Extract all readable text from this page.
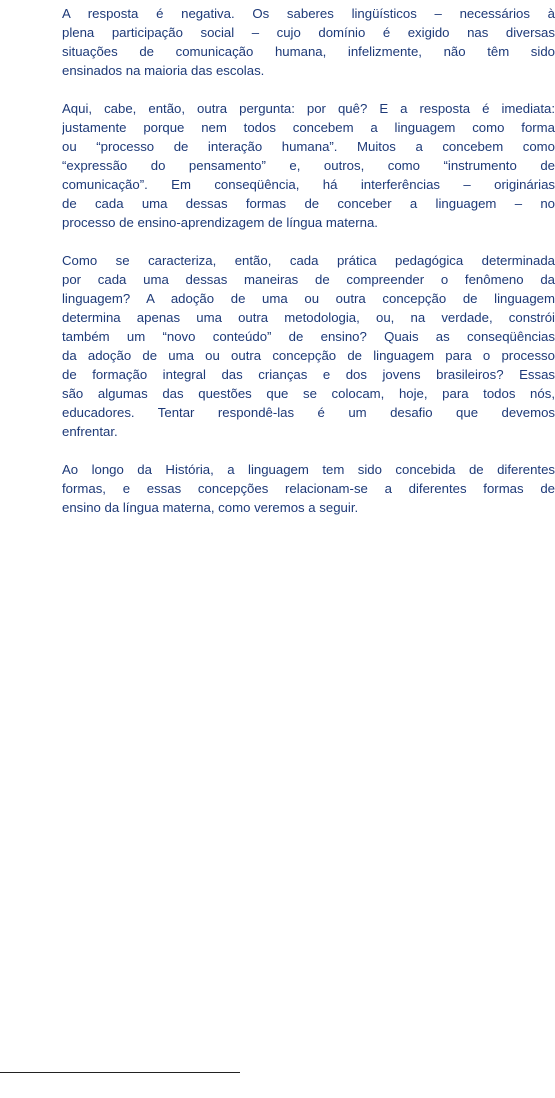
A resposta é negativa. Os saberes lingüísticos – necessários à
plena participação social – cujo domínio é exigido nas diversas
situações de comunicação humana, infelizmente, não têm sido
ensinados na maioria das escolas.

Aqui, cabe, então, outra pergunta: por quê? E a resposta é imediata:
justamente porque nem todos concebem a linguagem como forma
ou “processo de interação humana”. Muitos a concebem como
“expressão do pensamento” e, outros, como “instrumento de
comunicação”. Em conseqüência, há interferências – originárias
de cada uma dessas formas de conceber a linguagem – no
processo de ensino-aprendizagem de língua materna.

Como se caracteriza, então, cada prática pedagógica determinada
por cada uma dessas maneiras de compreender o fenômeno da
linguagem? A adoção de uma ou outra concepção de linguagem
determina apenas uma outra metodologia, ou, na verdade, constrói
também um “novo conteúdo” de ensino? Quais as conseqüências
da adoção de uma ou outra concepção de linguagem para o processo
de formação integral das crianças e dos jovens brasileiros? Essas
são algumas das questões que se colocam, hoje, para todos nós,
educadores. Tentar respondê-las é um desafio que devemos
enfrentar.

Ao longo da História, a linguagem tem sido concebida de diferentes
formas, e essas concepções relacionam-se a diferentes formas de
ensino da língua materna, como veremos a seguir.
